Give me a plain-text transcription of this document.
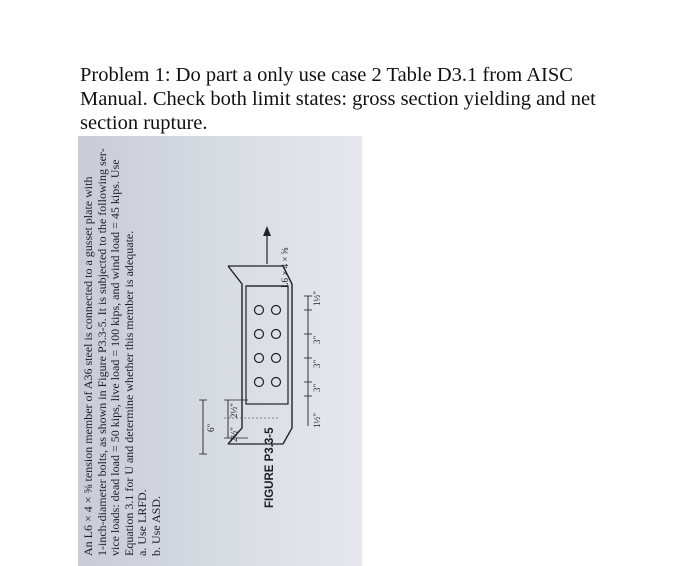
Problem 1: Do part a only use case 2 Table D3.1 from AISC

Manual. Check both limit states: gross section yielding and net

section rupture.

An L6 × 4 × ⅝ tension member of A36 steel is connected to a gusset plate with 1-inch-diameter bolts, as shown in Figure P3.3-5. It is subjected to the following ser- vice loads: dead load = 50 kips, live load = 100 kips, and wind load = 45 kips. Use Equation 3.1 for U and determine whether this member is adequate. a. Use LRFD. b. Use ASD.

2½"
6" 2½"
1½"
3"
3"
3"
1½"
L6 × 4 × ⅝
FIGURE P3.3-5
